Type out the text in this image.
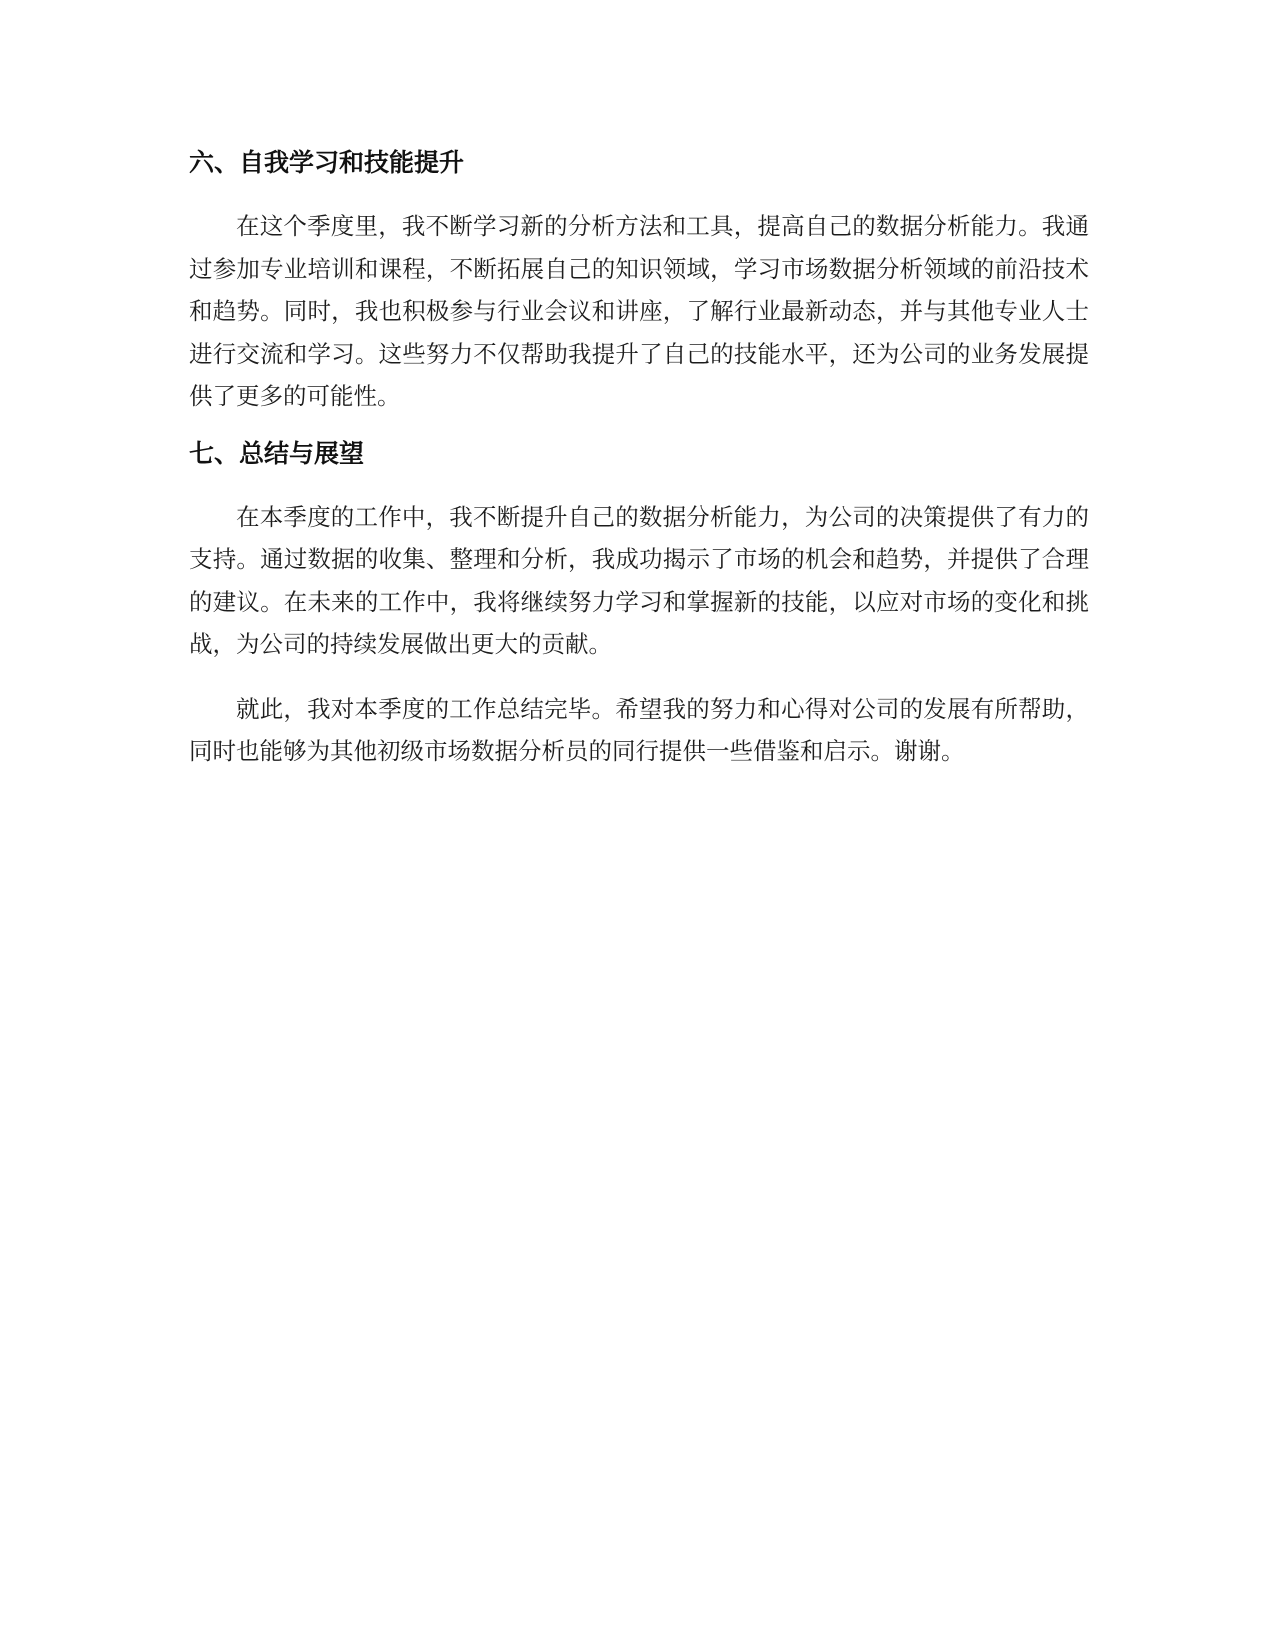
六、自我学习和技能提升

在这个季度里，我不断学习新的分析方法和工具，提高自己的数据分析能力。我通过参加专业培训和课程，不断拓展自己的知识领域，学习市场数据分析领域的前沿技术和趋势。同时，我也积极参与行业会议和讲座，了解行业最新动态，并与其他专业人士进行交流和学习。这些努力不仅帮助我提升了自己的技能水平，还为公司的业务发展提供了更多的可能性。

七、总结与展望

在本季度的工作中，我不断提升自己的数据分析能力，为公司的决策提供了有力的支持。通过数据的收集、整理和分析，我成功揭示了市场的机会和趋势，并提供了合理的建议。在未来的工作中，我将继续努力学习和掌握新的技能，以应对市场的变化和挑战，为公司的持续发展做出更大的贡献。

就此，我对本季度的工作总结完毕。希望我的努力和心得对公司的发展有所帮助，同时也能够为其他初级市场数据分析员的同行提供一些借鉴和启示。谢谢。
